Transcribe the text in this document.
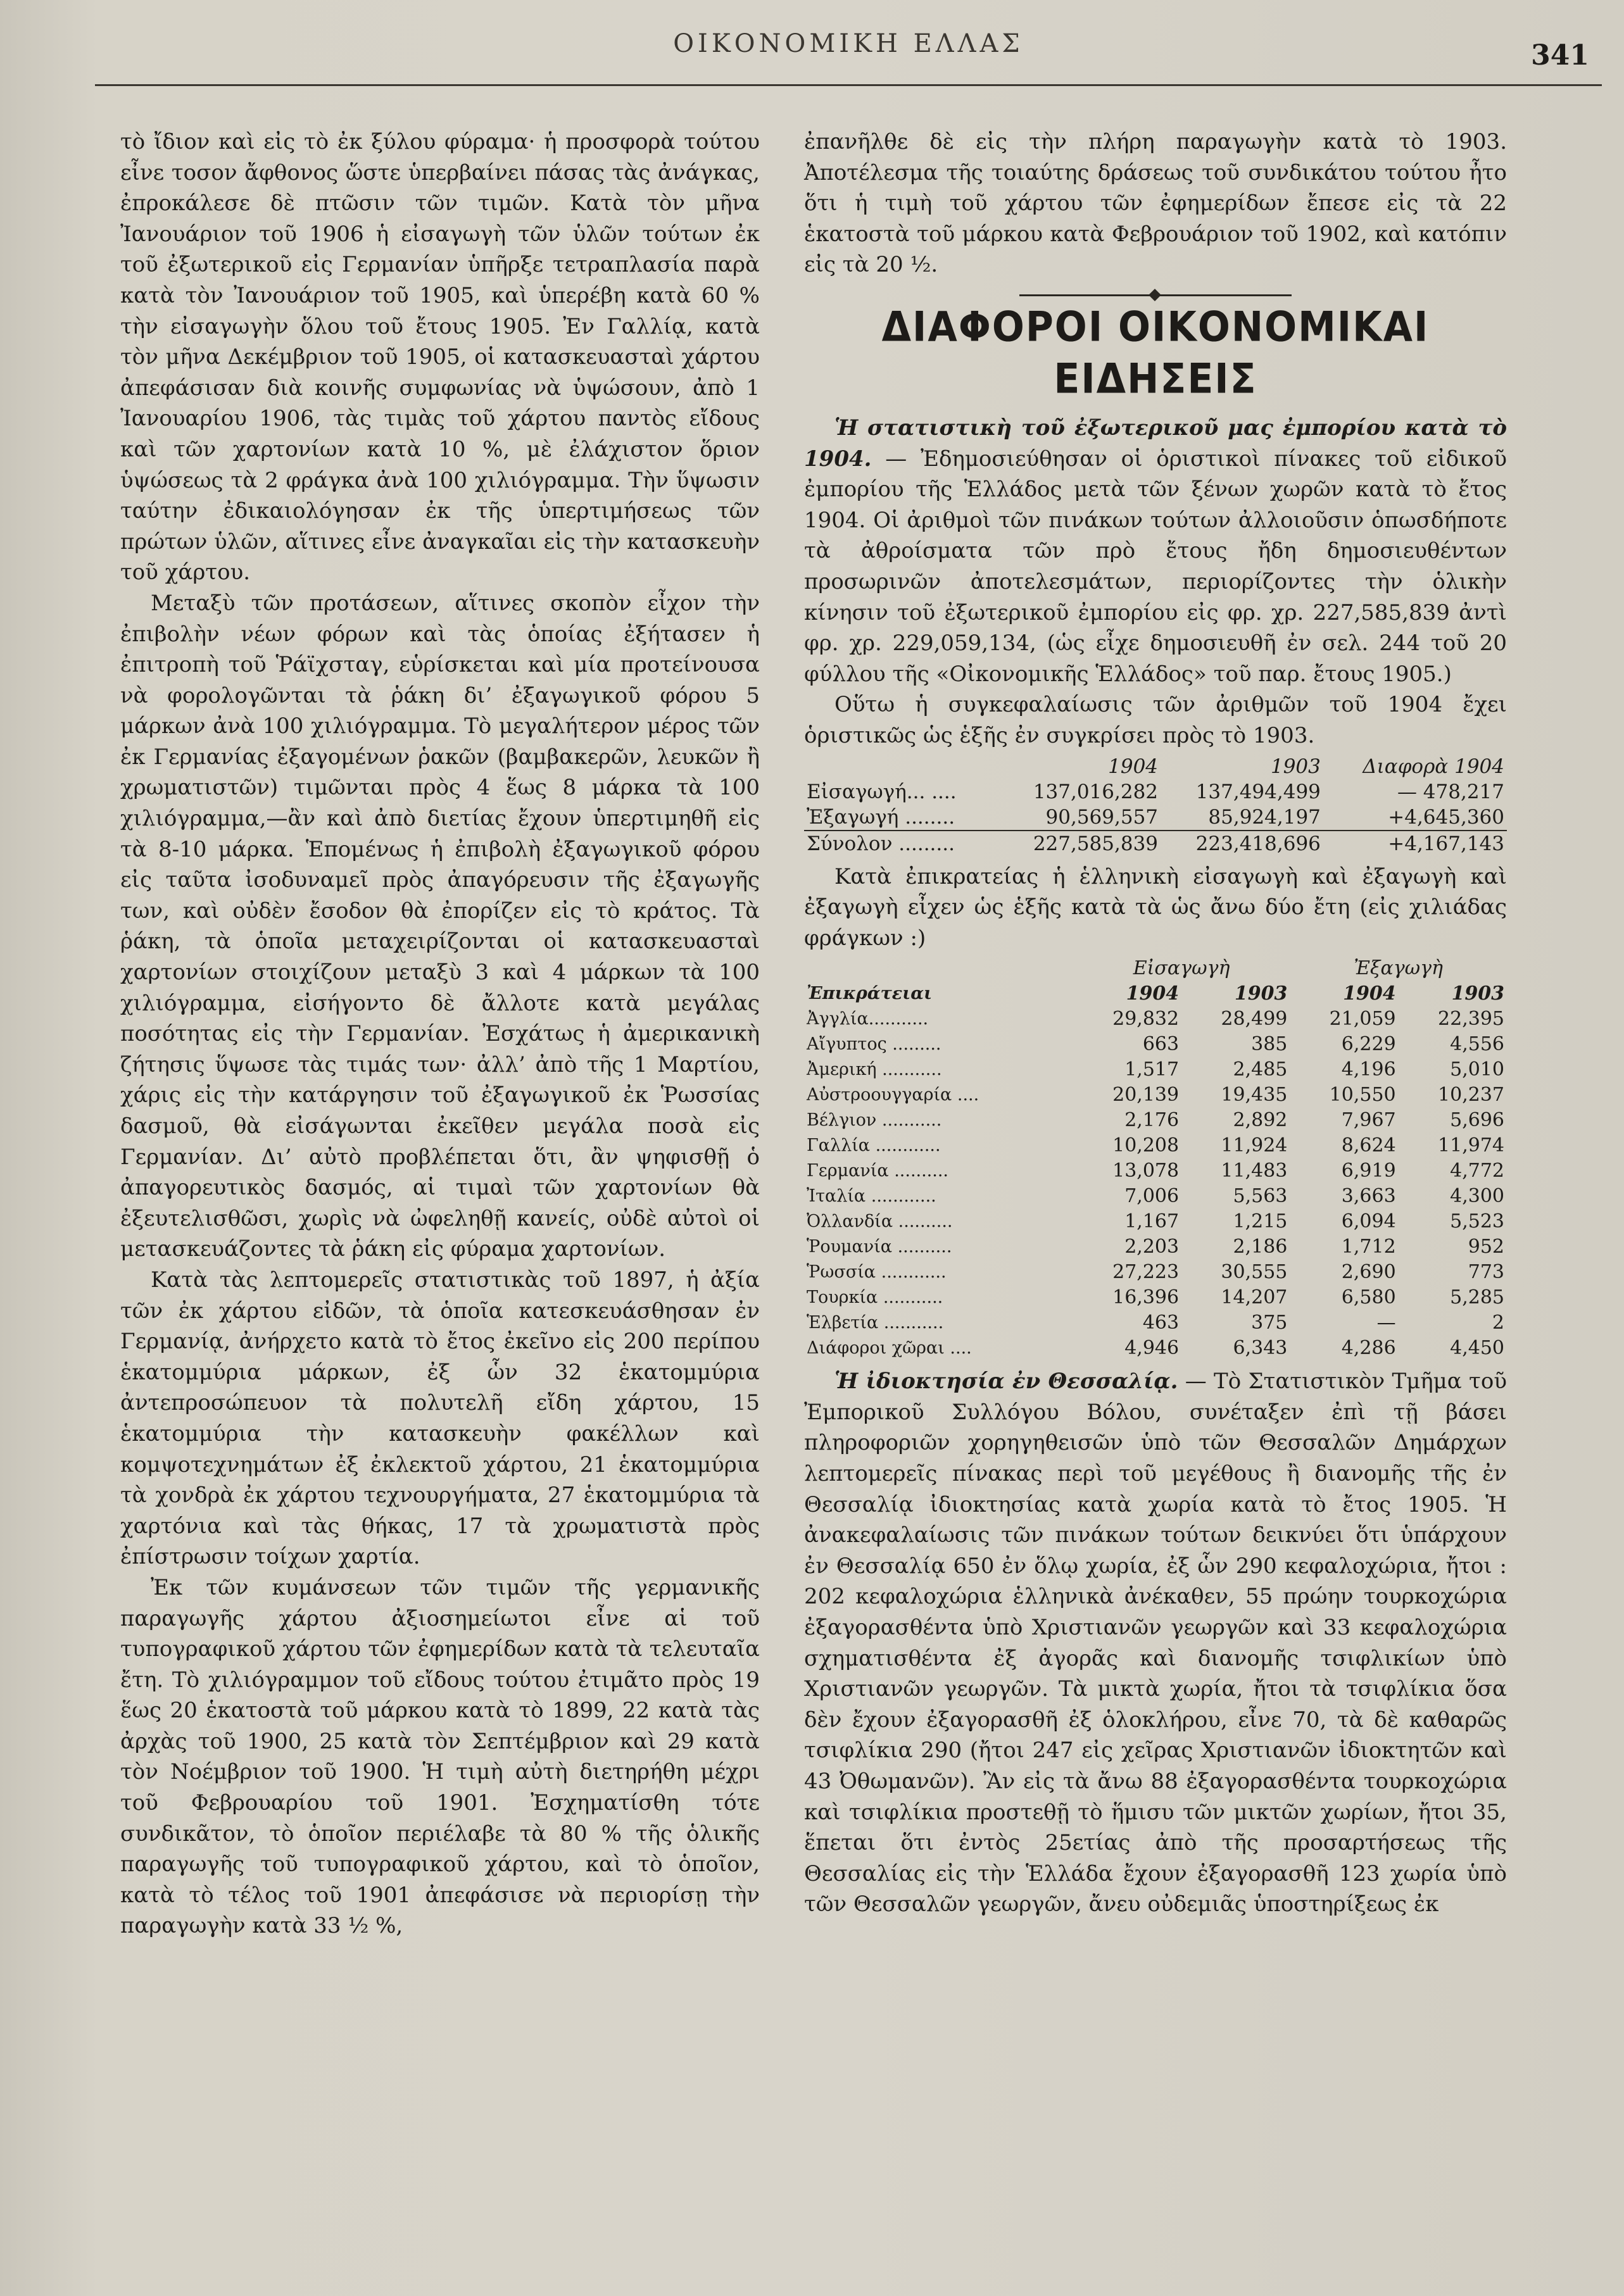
ΟΙΚΟΝΟΜΙΚΗ ΕΛΛΑΣ	341

τὸ ἴδιον καὶ εἰς τὸ ἐκ ξύλου φύραμα· ἡ προσφορὰ τούτου εἶνε τοσον ἄφθονος ὥστε ὑπερβαίνει πάσας τὰς ἀνάγκας, ἐπροκάλεσε δὲ πτῶσιν τῶν τιμῶν. Κατὰ τὸν μῆνα Ἰανουάριον τοῦ 1906 ἡ εἰσαγωγὴ τῶν ὑλῶν τούτων ἐκ τοῦ ἐξωτερικοῦ εἰς Γερμανίαν ὑπῆρξε τετραπλασία παρὰ κατὰ τὸν Ἰανουάριον τοῦ 1905, καὶ ὑπερέβη κατὰ 60 % τὴν εἰσαγωγὴν ὅλου τοῦ ἔτους 1905. Ἐν Γαλλίᾳ, κατὰ τὸν μῆνα Δεκέμβριον τοῦ 1905, οἱ κατασκευασταὶ χάρτου ἀπεφάσισαν διὰ κοινῆς συμφωνίας νὰ ὑψώσουν, ἀπὸ 1 Ἰανουαρίου 1906, τὰς τιμὰς τοῦ χάρτου παντὸς εἴδους καὶ τῶν χαρτονίων κατὰ 10 %, μὲ ἐλάχιστον ὅριον ὑψώσεως τὰ 2 φράγκα ἀνὰ 100 χιλιόγραμμα. Τὴν ὕψωσιν ταύτην ἐδικαιολόγησαν ἐκ τῆς ὑπερτιμήσεως τῶν πρώτων ὑλῶν, αἵτινες εἶνε ἀναγκαῖαι εἰς τὴν κατασκευὴν τοῦ χάρτου.

Μεταξὺ τῶν προτάσεων, αἵτινες σκοπὸν εἶχον τὴν ἐπιβολὴν νέων φόρων καὶ τὰς ὁποίας ἐξήτασεν ἡ ἐπιτροπὴ τοῦ Ῥάϊχσταγ, εὑρίσκεται καὶ μία προτείνουσα νὰ φορολογῶνται τὰ ῥάκη δι’ ἐξαγωγικοῦ φόρου 5 μάρκων ἀνὰ 100 χιλιόγραμμα. Τὸ μεγαλήτερον μέρος τῶν ἐκ Γερμανίας ἐξαγομένων ῥακῶν (βαμβακερῶν, λευκῶν ἢ χρωματιστῶν) τιμῶνται πρὸς 4 ἕως 8 μάρκα τὰ 100 χιλιόγραμμα,—ἂν καὶ ἀπὸ διετίας ἔχουν ὑπερτιμηθῆ εἰς τὰ 8-10 μάρκα. Ἑπομένως ἡ ἐπιβολὴ ἐξαγωγικοῦ φόρου εἰς ταῦτα ἰσοδυναμεῖ πρὸς ἀπαγόρευσιν τῆς ἐξαγωγῆς των, καὶ οὐδὲν ἔσοδον θὰ ἐπορίζεν εἰς τὸ κράτος. Τὰ ῥάκη, τὰ ὁποῖα μεταχειρίζονται οἱ κατασκευασταὶ χαρτονίων στοιχίζουν μεταξὺ 3 καὶ 4 μάρκων τὰ 100 χιλιόγραμμα, εἰσήγοντο δὲ ἄλλοτε κατὰ μεγάλας ποσότητας εἰς τὴν Γερμανίαν. Ἐσχάτως ἡ ἀμερικανικὴ ζήτησις ὕψωσε τὰς τιμάς των· ἀλλ’ ἀπὸ τῆς 1 Μαρτίου, χάρις εἰς τὴν κατάργησιν τοῦ ἐξαγωγικοῦ ἐκ Ῥωσσίας δασμοῦ, θὰ εἰσάγωνται ἐκεῖθεν μεγάλα ποσὰ εἰς Γερμανίαν. Δι’ αὐτὸ προβλέπεται ὅτι, ἂν ψηφισθῇ ὁ ἀπαγορευτικὸς δασμός, αἱ τιμαὶ τῶν χαρτονίων θὰ ἐξευτελισθῶσι, χωρὶς νὰ ὠφεληθῇ κανείς, οὐδὲ αὐτοὶ οἱ μετασκευάζοντες τὰ ῥάκη εἰς φύραμα χαρτονίων.

Κατὰ τὰς λεπτομερεῖς στατιστικὰς τοῦ 1897, ἡ ἀξία τῶν ἐκ χάρτου εἰδῶν, τὰ ὁποῖα κατεσκευάσθησαν ἐν Γερμανίᾳ, ἀνήρχετο κατὰ τὸ ἔτος ἐκεῖνο εἰς 200 περίπου ἑκατομμύρια μάρκων, ἐξ ὧν 32 ἑκατομμύρια ἀντεπροσώπευον τὰ πολυτελῆ εἴδη χάρτου, 15 ἑκατομμύρια τὴν κατασκευὴν φακέλλων καὶ κομψοτεχνημάτων ἐξ ἐκλεκτοῦ χάρτου, 21 ἑκατομμύρια τὰ χονδρὰ ἐκ χάρτου τεχνουργήματα, 27 ἑκατομμύρια τὰ χαρτόνια καὶ τὰς θήκας, 17 τὰ χρωματιστὰ πρὸς ἐπίστρωσιν τοίχων χαρτία.

Ἐκ τῶν κυμάνσεων τῶν τιμῶν τῆς γερμανικῆς παραγωγῆς χάρτου ἀξιοσημείωτοι εἶνε αἱ τοῦ τυπογραφικοῦ χάρτου τῶν ἐφημερίδων κατὰ τὰ τελευταῖα ἔτη. Τὸ χιλιόγραμμον τοῦ εἴδους τούτου ἐτιμᾶτο πρὸς 19 ἕως 20 ἑκατοστὰ τοῦ μάρκου κατὰ τὸ 1899, 22 κατὰ τὰς ἀρχὰς τοῦ 1900, 25 κατὰ τὸν Σεπτέμβριον καὶ 29 κατὰ τὸν Νοέμβριον τοῦ 1900. Ἡ τιμὴ αὐτὴ διετηρήθη μέχρι τοῦ Φεβρουαρίου τοῦ 1901. Ἐσχηματίσθη τότε συνδικᾶτον, τὸ ὁποῖον περιέλαβε τὰ 80 % τῆς ὁλικῆς παραγωγῆς τοῦ τυπογραφικοῦ χάρτου, καὶ τὸ ὁποῖον, κατὰ τὸ τέλος τοῦ 1901 ἀπεφάσισε νὰ περιορίσῃ τὴν παραγωγὴν κατὰ 33 ½ %,

ἐπανῆλθε δὲ εἰς τὴν πλήρη παραγωγὴν κατὰ τὸ 1903. Ἀποτέλεσμα τῆς τοιαύτης δράσεως τοῦ συνδικάτου τούτου ἦτο ὅτι ἡ τιμὴ τοῦ χάρτου τῶν ἐφημερίδων ἔπεσε εἰς τὰ 22 ἑκατοστὰ τοῦ μάρκου κατὰ Φεβρουάριον τοῦ 1902, καὶ κατόπιν εἰς τὰ 20 ½.

ΔΙΑΦΟΡΟΙ ΟΙΚΟΝΟΜΙΚΑΙ ΕΙΔΗΣΕΙΣ

Ἡ στατιστικὴ τοῦ ἐξωτερικοῦ μας ἐμπορίου κατὰ τὸ 1904. — Ἐδημοσιεύθησαν οἱ ὁριστικοὶ πίνακες τοῦ εἰδικοῦ ἐμπορίου τῆς Ἑλλάδος μετὰ τῶν ξένων χωρῶν κατὰ τὸ ἔτος 1904. Οἱ ἀριθμοὶ τῶν πινάκων τούτων ἀλλοιοῦσιν ὁπωσδήποτε τὰ ἀθροίσματα τῶν πρὸ ἔτους ἤδη δημοσιευθέντων προσωρινῶν ἀποτελεσμάτων, περιορίζοντες τὴν ὁλικὴν κίνησιν τοῦ ἐξωτερικοῦ ἐμπορίου εἰς φρ. χρ. 227,585,839 ἀντὶ φρ. χρ. 229,059,134, (ὡς εἶχε δημοσιευθῆ ἐν σελ. 244 τοῦ 20 φύλλου τῆς «Οἰκονομικῆς Ἑλλάδος» τοῦ παρ. ἔτους 1905.)

Οὕτω ἡ συγκεφαλαίωσις τῶν ἀριθμῶν τοῦ 1904 ἔχει ὁριστικῶς ὡς ἑξῆς ἐν συγκρίσει πρὸς τὸ 1903.

	1904	1903	Διαφορὰ 1904
Εἰσαγωγή... ....	137,016,282	137,494,499	— 478,217
Ἐξαγωγή ........	90,569,557	85,924,197	+4,645,360
Σύνολον .........	227,585,839	223,418,696	+4,167,143

Κατὰ ἐπικρατείας ἡ ἑλληνικὴ εἰσαγωγὴ καὶ ἐξαγωγὴ καὶ ἐξαγωγὴ εἶχεν ὡς ἑξῆς κατὰ τὰ ὡς ἄνω δύο ἔτη (εἰς χιλιάδας φράγκων :)

	Εἰσαγωγὴ		Ἐξαγωγὴ	
Ἐπικράτειαι	1904	1903	1904	1903
Ἀγγλία...........	29,832	28,499	21,059	22,395
Αἴγυπτος .........	663	385	6,229	4,556
Ἀμερική ...........	1,517	2,485	4,196	5,010
Αὐστροουγγαρία ....	20,139	19,435	10,550	10,237
Βέλγιον ...........	2,176	2,892	7,967	5,696
Γαλλία ............	10,208	11,924	8,624	11,974
Γερμανία ..........	13,078	11,483	6,919	4,772
Ἰταλία ............	7,006	5,563	3,663	4,300
Ὀλλανδία ..........	1,167	1,215	6,094	5,523
Ῥουμανία ..........	2,203	2,186	1,712	952
Ῥωσσία ............	27,223	30,555	2,690	773
Τουρκία ...........	16,396	14,207	6,580	5,285
Ἑλβετία ...........	463	375	—	2
Διάφοροι χῶραι ....	4,946	6,343	4,286	4,450

Ἡ ἰδιοκτησία ἐν Θεσσαλίᾳ. — Τὸ Στατιστικὸν Τμῆμα τοῦ Ἐμπορικοῦ Συλλόγου Βόλου, συνέταξεν ἐπὶ τῇ βάσει πληροφοριῶν χορηγηθεισῶν ὑπὸ τῶν Θεσσαλῶν Δημάρχων λεπτομερεῖς πίνακας περὶ τοῦ μεγέθους ἢ διανομῆς τῆς ἐν Θεσσαλίᾳ ἰδιοκτησίας κατὰ χωρία κατὰ τὸ ἔτος 1905. Ἡ ἀνακεφαλαίωσις τῶν πινάκων τούτων δεικνύει ὅτι ὑπάρχουν ἐν Θεσσαλίᾳ 650 ἐν ὅλῳ χωρία, ἐξ ὧν 290 κεφαλοχώρια, ἤτοι : 202 κεφαλοχώρια ἑλληνικὰ ἀνέκαθεν, 55 πρώην τουρκοχώρια ἐξαγορασθέντα ὑπὸ Χριστιανῶν γεωργῶν καὶ 33 κεφαλοχώρια σχηματισθέντα ἐξ ἀγορᾶς καὶ διανομῆς τσιφλικίων ὑπὸ Χριστιανῶν γεωργῶν. Τὰ μικτὰ χωρία, ἤτοι τὰ τσιφλίκια ὅσα δὲν ἔχουν ἐξαγορασθῆ ἐξ ὁλοκλήρου, εἶνε 70, τὰ δὲ καθαρῶς τσιφλίκια 290 (ἤτοι 247 εἰς χεῖρας Χριστιανῶν ἰδιοκτητῶν καὶ 43 Ὀθωμανῶν). Ἂν εἰς τὰ ἄνω 88 ἐξαγορασθέντα τουρκοχώρια καὶ τσιφλίκια προστεθῇ τὸ ἥμισυ τῶν μικτῶν χωρίων, ἤτοι 35, ἕπεται ὅτι ἐντὸς 25ετίας ἀπὸ τῆς προσαρτήσεως τῆς Θεσσαλίας εἰς τὴν Ἑλλάδα ἔχουν ἐξαγορασθῆ 123 χωρία ὑπὸ τῶν Θεσσαλῶν γεωργῶν, ἄνευ οὐδεμιᾶς ὑποστηρίξεως ἐκ
